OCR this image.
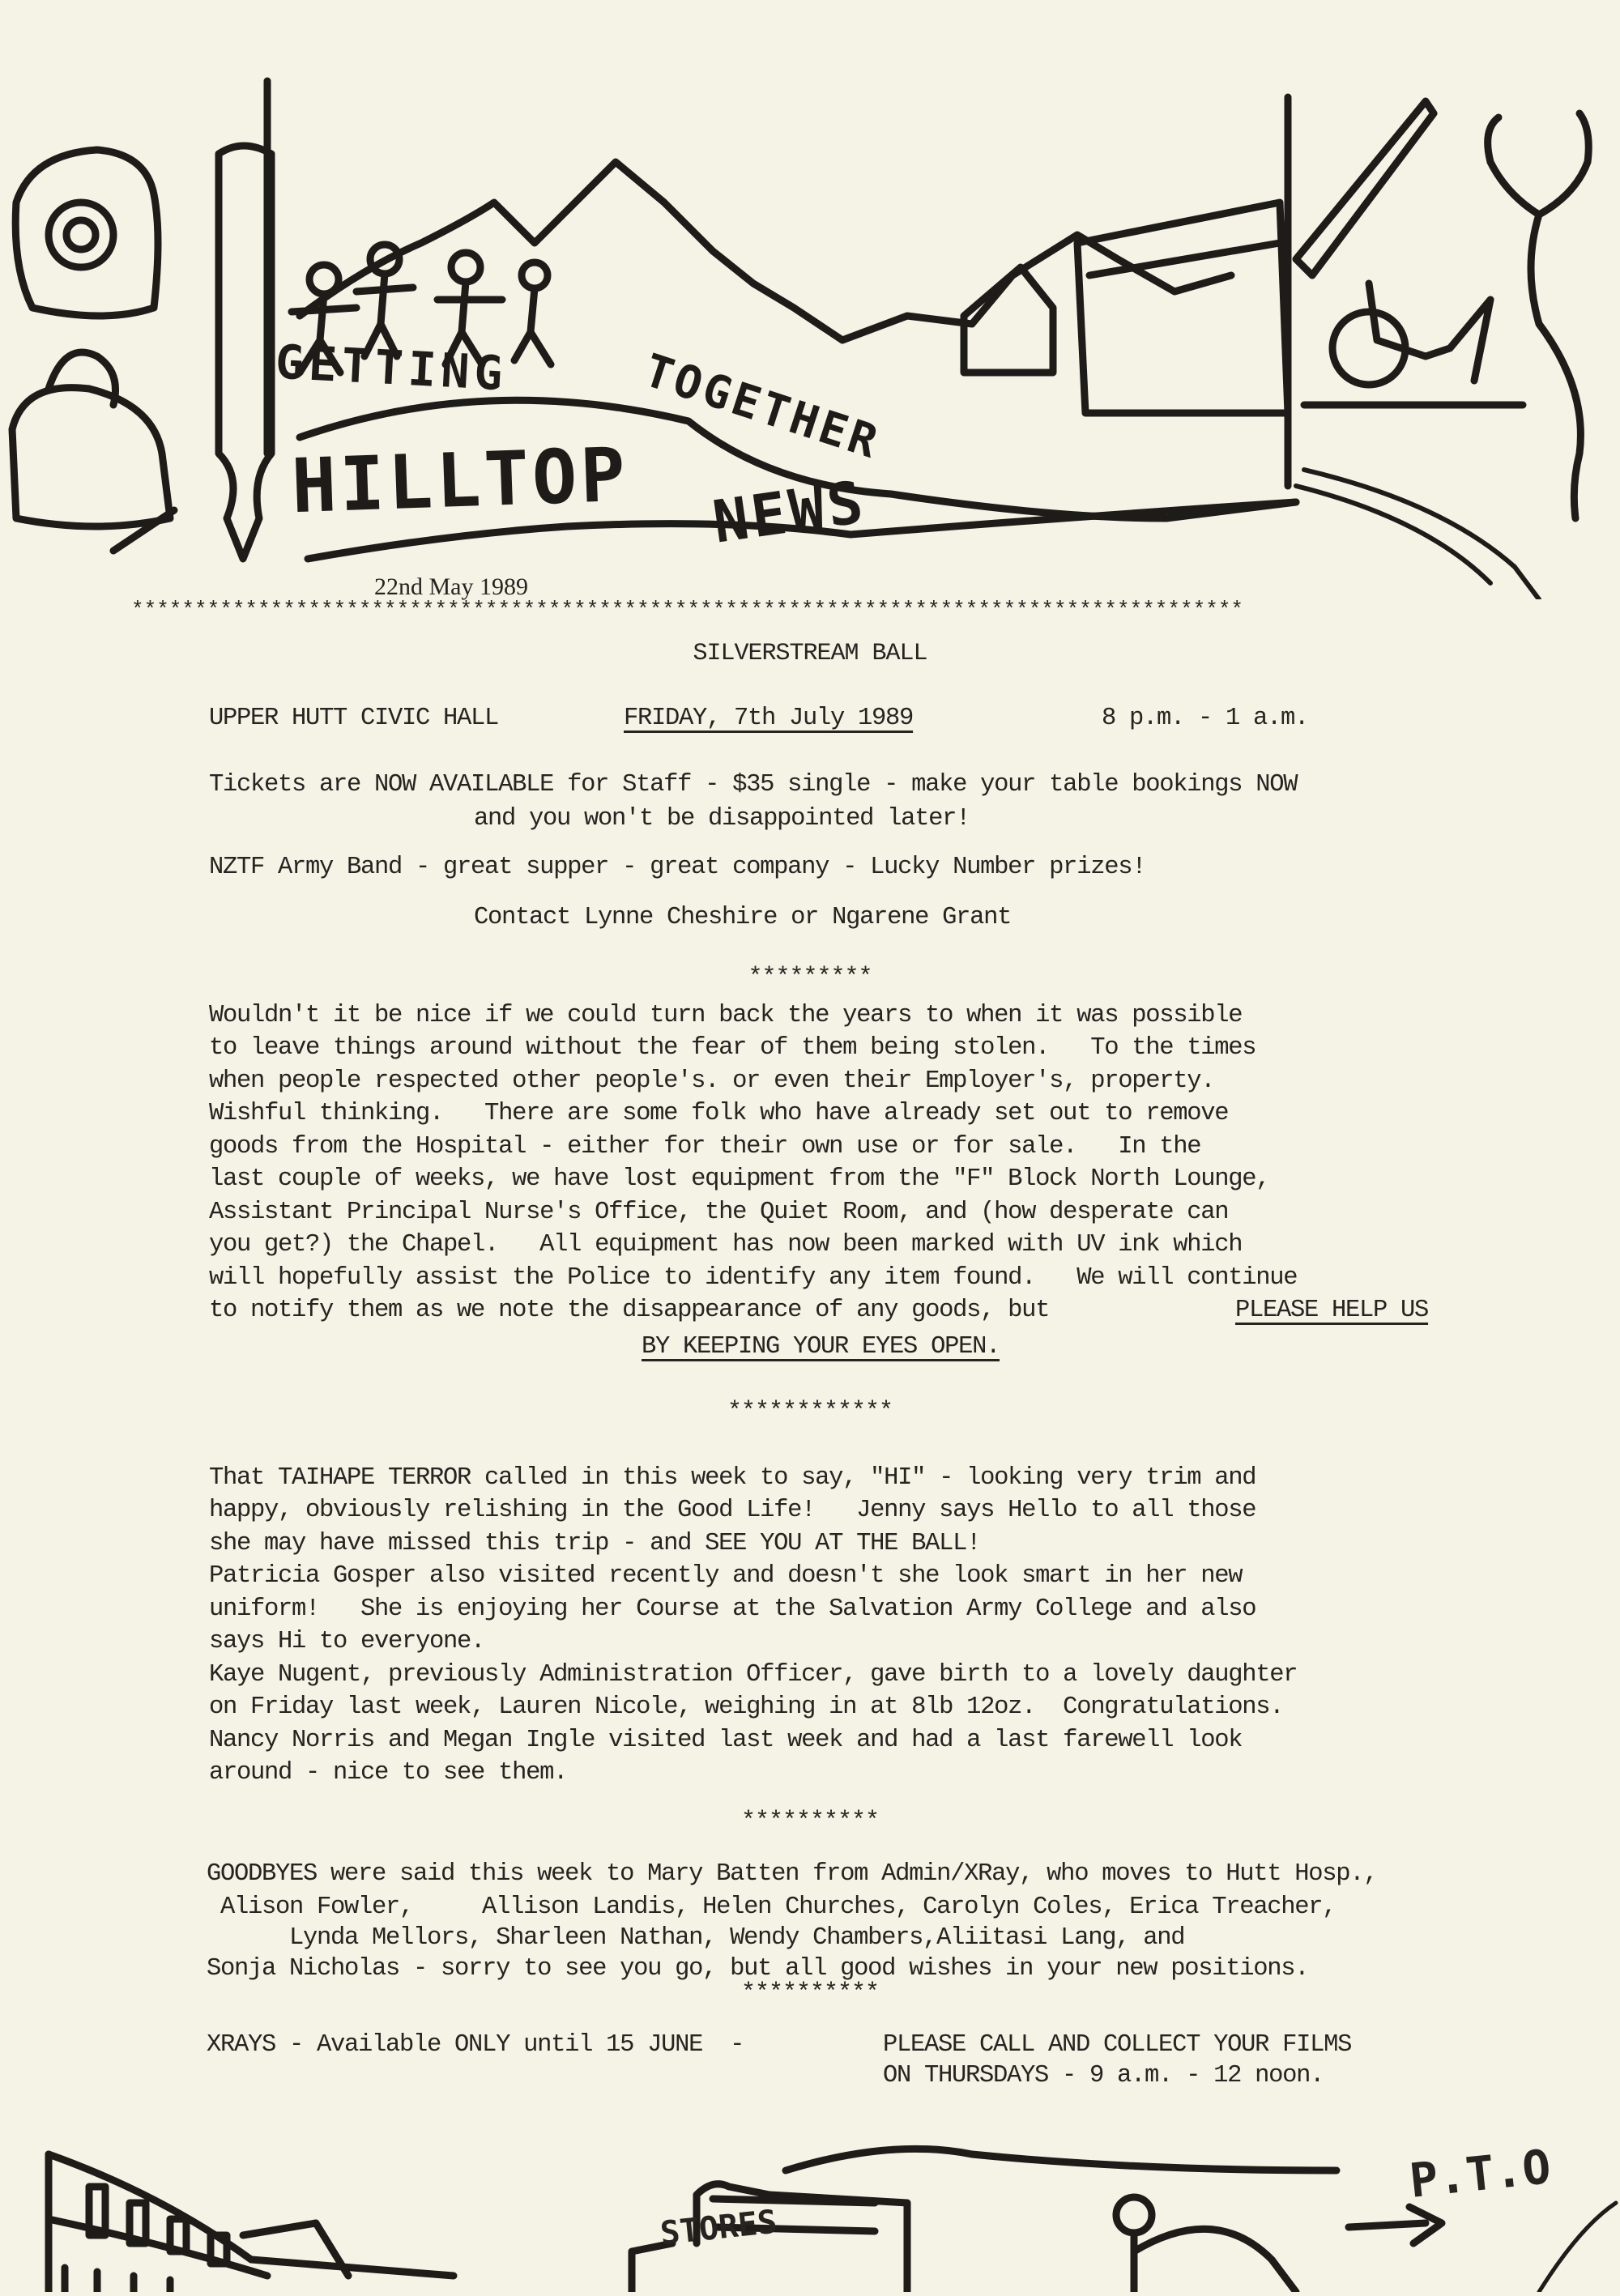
GETTING	TOGETHER
HILLTOP NEWS
22nd May 1989
****************************************************************************************
SILVERSTREAM BALL
UPPER HUTT CIVIC HALL	FRIDAY, 7th July 1989	8 p.m. - 1 a.m.
Tickets are NOW AVAILABLE for Staff - $35 single - make your table bookings NOW
and you won't be disappointed later!
NZTF Army Band - great supper - great company - Lucky Number prizes!
Contact Lynne Cheshire or Ngarene Grant
*********
Wouldn't it be nice if we could turn back the years to when it was possible
to leave things around without the fear of them being stolen.   To the times
when people respected other people's. or even their Employer's, property.
Wishful thinking.   There are some folk who have already set out to remove
goods from the Hospital - either for their own use or for sale.   In the
last couple of weeks, we have lost equipment from the "F" Block North Lounge,
Assistant Principal Nurse's Office, the Quiet Room, and (how desperate can
you get?) the Chapel.   All equipment has now been marked with UV ink which
will hopefully assist the Police to identify any item found.   We will continue
to notify them as we note the disappearance of any goods, but	PLEASE HELP US
BY KEEPING YOUR EYES OPEN.
************
That TAIHAPE TERROR called in this week to say, "HI" - looking very trim and
happy, obviously relishing in the Good Life!   Jenny says Hello to all those
she may have missed this trip - and SEE YOU AT THE BALL!
Patricia Gosper also visited recently and doesn't she look smart in her new
uniform!   She is enjoying her Course at the Salvation Army College and also
says Hi to everyone.
Kaye Nugent, previously Administration Officer, gave birth to a lovely daughter
on Friday last week, Lauren Nicole, weighing in at 8lb 12oz.  Congratulations.
Nancy Norris and Megan Ingle visited last week and had a last farewell look
around - nice to see them.
**********
GOODBYES were said this week to Mary Batten from Admin/XRay, who moves to Hutt Hosp.,
Alison Fowler,     Allison Landis, Helen Churches, Carolyn Coles, Erica Treacher,
Lynda Mellors, Sharleen Nathan, Wendy Chambers,Aliitasi Lang, and
Sonja Nicholas - sorry to see you go, but all good wishes in your new positions.
**********
XRAYS - Available ONLY until 15 JUNE  -	PLEASE CALL AND COLLECT YOUR FILMS
ON THURSDAYS - 9 a.m. - 12 noon.
STORES
P.T.O
